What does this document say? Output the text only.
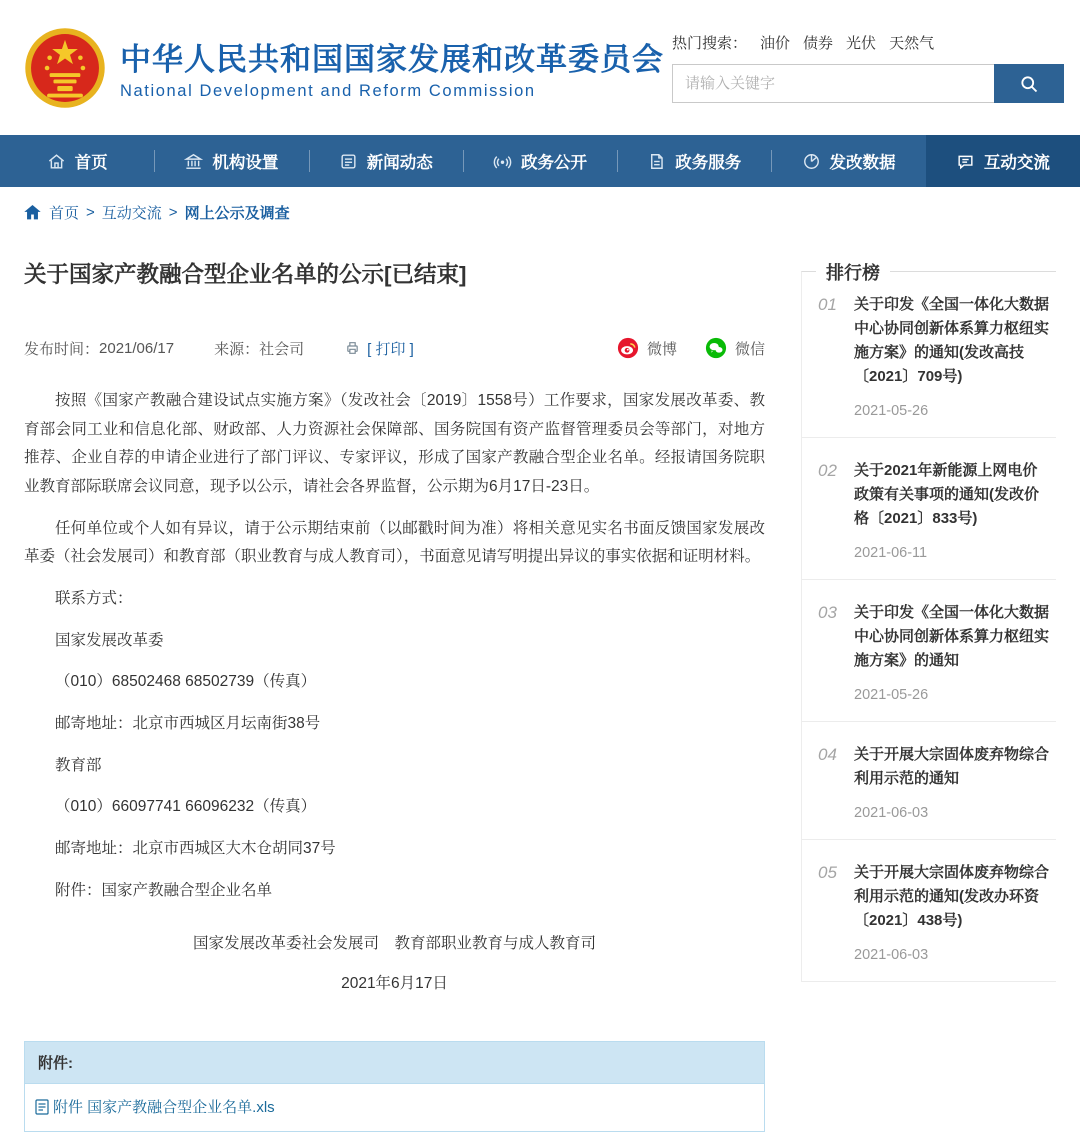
中华人民共和国国家发展和改革委员会
National Development and Reform Commission
热门搜索： 油价 债券 光伏 天然气
请输入关键字
首页	机构设置	新闻动态	政务公开	政务服务	发改数据	互动交流
首页 > 互动交流 > 网上公示及调查
关于国家产教融合型企业名单的公示[已结束]
发布时间： 2021/06/17	来源： 社会司	[ 打印 ]	微博	微信

按照《国家产教融合建设试点实施方案》（发改社会〔2019〕1558号）工作要求，国家发展改革委、教育部会同工业和信息化部、财政部、人力资源社会保障部、国务院国有资产监督管理委员会等部门，对地方推荐、企业自荐的申请企业进行了部门评议、专家评议，形成了国家产教融合型企业名单。经报请国务院职业教育部际联席会议同意，现予以公示，请社会各界监督，公示期为6月17日-23日。

任何单位或个人如有异议，请于公示期结束前（以邮戳时间为准）将相关意见实名书面反馈国家发展改革委（社会发展司）和教育部（职业教育与成人教育司），书面意见请写明提出异议的事实依据和证明材料。

联系方式：

国家发展改革委

（010）68502468 68502739（传真）

邮寄地址：北京市西城区月坛南街38号

教育部

（010）66097741 66096232（传真）

邮寄地址：北京市西城区大木仓胡同37号

附件：国家产教融合型企业名单

国家发展改革委社会发展司　教育部职业教育与成人教育司
2021年6月17日
附件:
附件 国家产教融合型企业名单.xls
排行榜
01	关于印发《全国一体化大数据中心协同创新体系算力枢纽实施方案》的通知(发改高技〔2021〕709号)
2021-05-26
02	关于2021年新能源上网电价政策有关事项的通知(发改价格〔2021〕833号)
2021-06-11
03	关于印发《全国一体化大数据中心协同创新体系算力枢纽实施方案》的通知
2021-05-26
04	关于开展大宗固体废弃物综合利用示范的通知
2021-06-03
05	关于开展大宗固体废弃物综合利用示范的通知(发改办环资〔2021〕438号)
2021-06-03
